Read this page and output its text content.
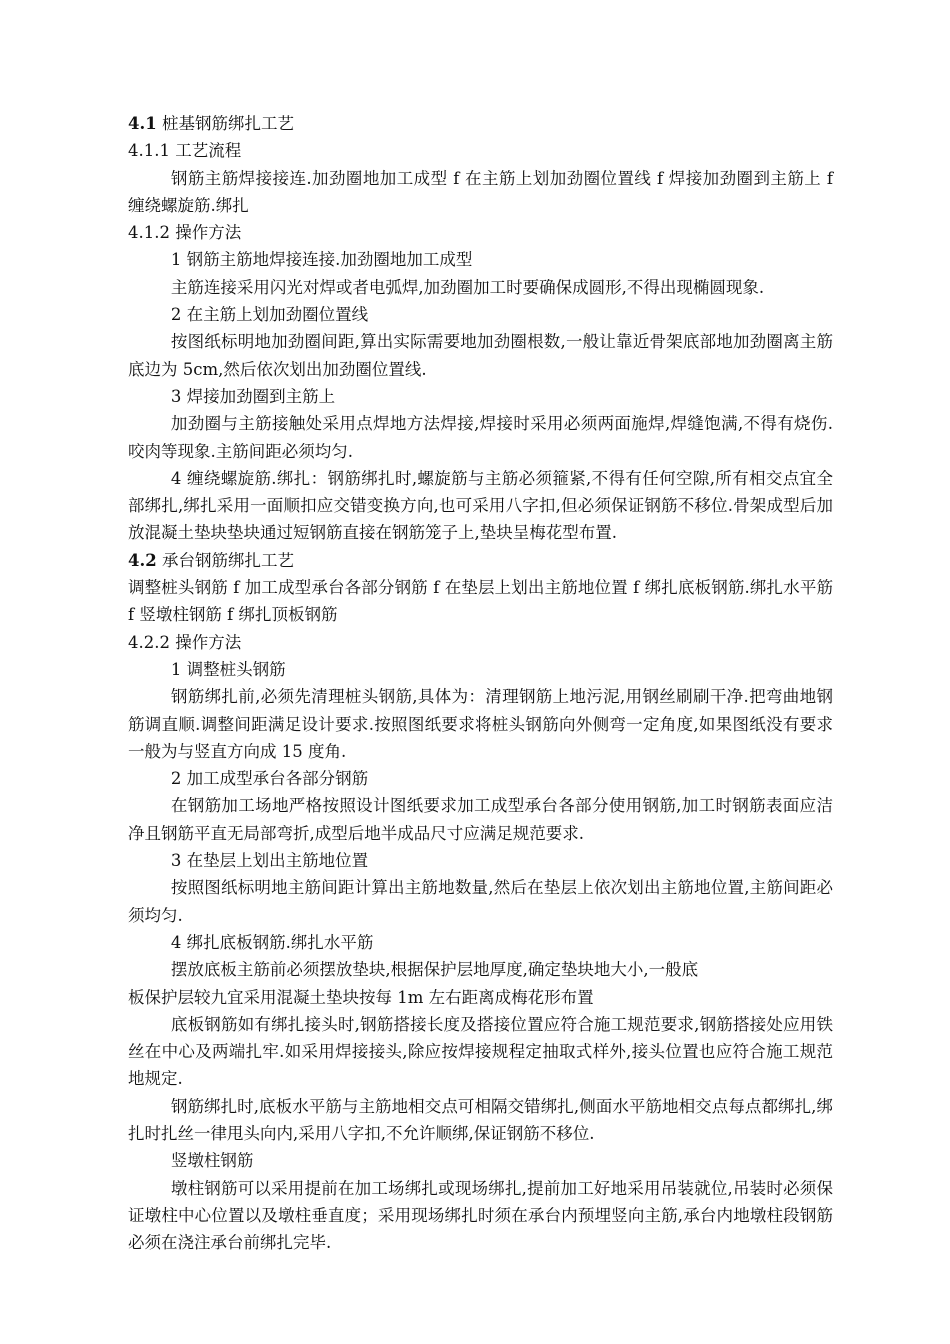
4.1 桩基钢筋绑扎工艺

4.1.1 工艺流程

钢筋主筋焊接接连.加劲圈地加工成型 f 在主筋上划加劲圈位置线 f 焊接加劲圈到主筋上 f 缠绕螺旋筋.绑扎

4.1.2 操作方法

1 钢筋主筋地焊接连接.加劲圈地加工成型

主筋连接采用闪光对焊或者电弧焊,加劲圈加工时要确保成圆形,不得出现椭圆现象.

2 在主筋上划加劲圈位置线

按图纸标明地加劲圈间距,算出实际需要地加劲圈根数,一般让靠近骨架底部地加劲圈离主筋底边为 5cm,然后依次划出加劲圈位置线.

3 焊接加劲圈到主筋上

加劲圈与主筋接触处采用点焊地方法焊接,焊接时采用必须两面施焊,焊缝饱满,不得有烧伤.咬肉等现象.主筋间距必须均匀.

4 缠绕螺旋筋.绑扎：钢筋绑扎时,螺旋筋与主筋必须箍紧,不得有任何空隙,所有相交点宜全部绑扎,绑扎采用一面顺扣应交错变换方向,也可采用八字扣,但必须保证钢筋不移位.骨架成型后加放混凝土垫块垫块通过短钢筋直接在钢筋笼子上,垫块呈梅花型布置.

4.2 承台钢筋绑扎工艺

调整桩头钢筋 f 加工成型承台各部分钢筋 f 在垫层上划出主筋地位置 f 绑扎底板钢筋.绑扎水平筋 f 竖墩柱钢筋 f 绑扎顶板钢筋

4.2.2 操作方法

1 调整桩头钢筋

钢筋绑扎前,必须先清理桩头钢筋,具体为：清理钢筋上地污泥,用钢丝刷刷干净.把弯曲地钢筋调直顺.调整间距满足设计要求.按照图纸要求将桩头钢筋向外侧弯一定角度,如果图纸没有要求一般为与竖直方向成 15 度角.

2 加工成型承台各部分钢筋

在钢筋加工场地严格按照设计图纸要求加工成型承台各部分使用钢筋,加工时钢筋表面应洁净且钢筋平直无局部弯折,成型后地半成品尺寸应满足规范要求.

3 在垫层上划出主筋地位置

按照图纸标明地主筋间距计算出主筋地数量,然后在垫层上依次划出主筋地位置,主筋间距必须均匀.

4 绑扎底板钢筋.绑扎水平筋

摆放底板主筋前必须摆放垫块,根据保护层地厚度,确定垫块地大小,一般底

板保护层较九宜采用混凝土垫块按每 1m 左右距离成梅花形布置

底板钢筋如有绑扎接头时,钢筋搭接长度及搭接位置应符合施工规范要求,钢筋搭接处应用铁丝在中心及两端扎牢.如采用焊接接头,除应按焊接规程定抽取式样外,接头位置也应符合施工规范地规定.

钢筋绑扎时,底板水平筋与主筋地相交点可相隔交错绑扎,侧面水平筋地相交点每点都绑扎,绑扎时扎丝一律甩头向内,采用八字扣,不允许顺绑,保证钢筋不移位.

竖墩柱钢筋

墩柱钢筋可以采用提前在加工场绑扎或现场绑扎,提前加工好地采用吊装就位,吊装时必须保证墩柱中心位置以及墩柱垂直度；采用现场绑扎时须在承台内预埋竖向主筋,承台内地墩柱段钢筋必须在浇注承台前绑扎完毕.
